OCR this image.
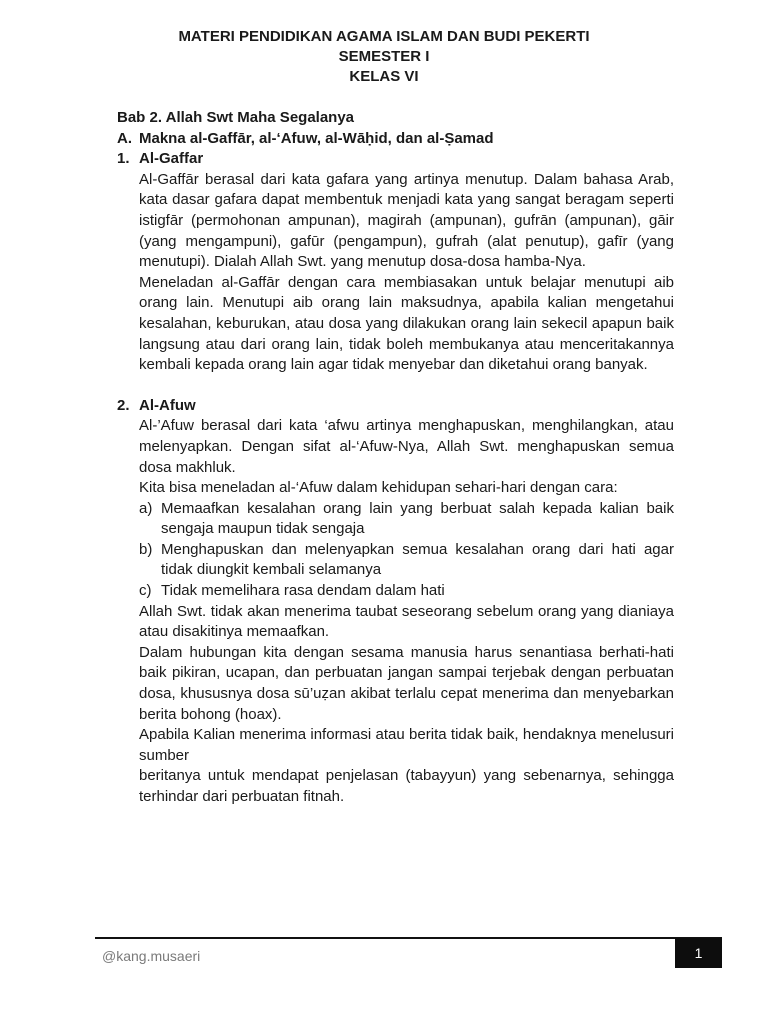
MATERI PENDIDIKAN AGAMA ISLAM DAN BUDI PEKERTI
SEMESTER I
KELAS VI
Bab 2. Allah Swt Maha Segalanya
A. Makna al-Gaffār, al-‘Afuw, al-Wāḥid, dan al-Ṣamad
1. Al-Gaffar
Al-Gaffār berasal dari kata gafara yang artinya menutup. Dalam bahasa Arab, kata dasar gafara dapat membentuk menjadi kata yang sangat beragam seperti istigfār (permohonan ampunan), magirah (ampunan), gufrān (ampunan), gāir (yang mengampuni), gafūr (pengampun), gufrah (alat penutup), gafīr (yang menutupi). Dialah Allah Swt. yang menutup dosa-dosa hamba-Nya.
Meneladan al-Gaffār dengan cara membiasakan untuk belajar menutupi aib orang lain. Menutupi aib orang lain maksudnya, apabila kalian mengetahui kesalahan, keburukan, atau dosa yang dilakukan orang lain sekecil apapun baik langsung atau dari orang lain, tidak boleh membukanya atau menceritakannya kembali kepada orang lain agar tidak menyebar dan diketahui orang banyak.
2. Al-Afuw
Al-’Afuw berasal dari kata ‘afwu artinya menghapuskan, menghilangkan, atau melenyapkan. Dengan sifat al-‘Afuw-Nya, Allah Swt. menghapuskan semua dosa makhluk.
Kita bisa meneladan al-‘Afuw dalam kehidupan sehari-hari dengan cara:
a) Memaafkan kesalahan orang lain yang berbuat salah kepada kalian baik sengaja maupun tidak sengaja
b) Menghapuskan dan melenyapkan semua kesalahan orang dari hati agar tidak diungkit kembali selamanya
c) Tidak memelihara rasa dendam dalam hati
Allah Swt. tidak akan menerima taubat seseorang sebelum orang yang dianiaya atau disakitinya memaafkan.
Dalam hubungan kita dengan sesama manusia harus senantiasa berhati-hati baik pikiran, ucapan, dan perbuatan jangan sampai terjebak dengan perbuatan dosa, khususnya dosa sū’uẓan akibat terlalu cepat menerima dan menyebarkan berita bohong (hoax).
Apabila Kalian menerima informasi atau berita tidak baik, hendaknya menelusuri sumber
beritanya untuk mendapat penjelasan (tabayyun) yang sebenarnya, sehingga terhindar dari perbuatan fitnah.
@kang.musaeri	1
